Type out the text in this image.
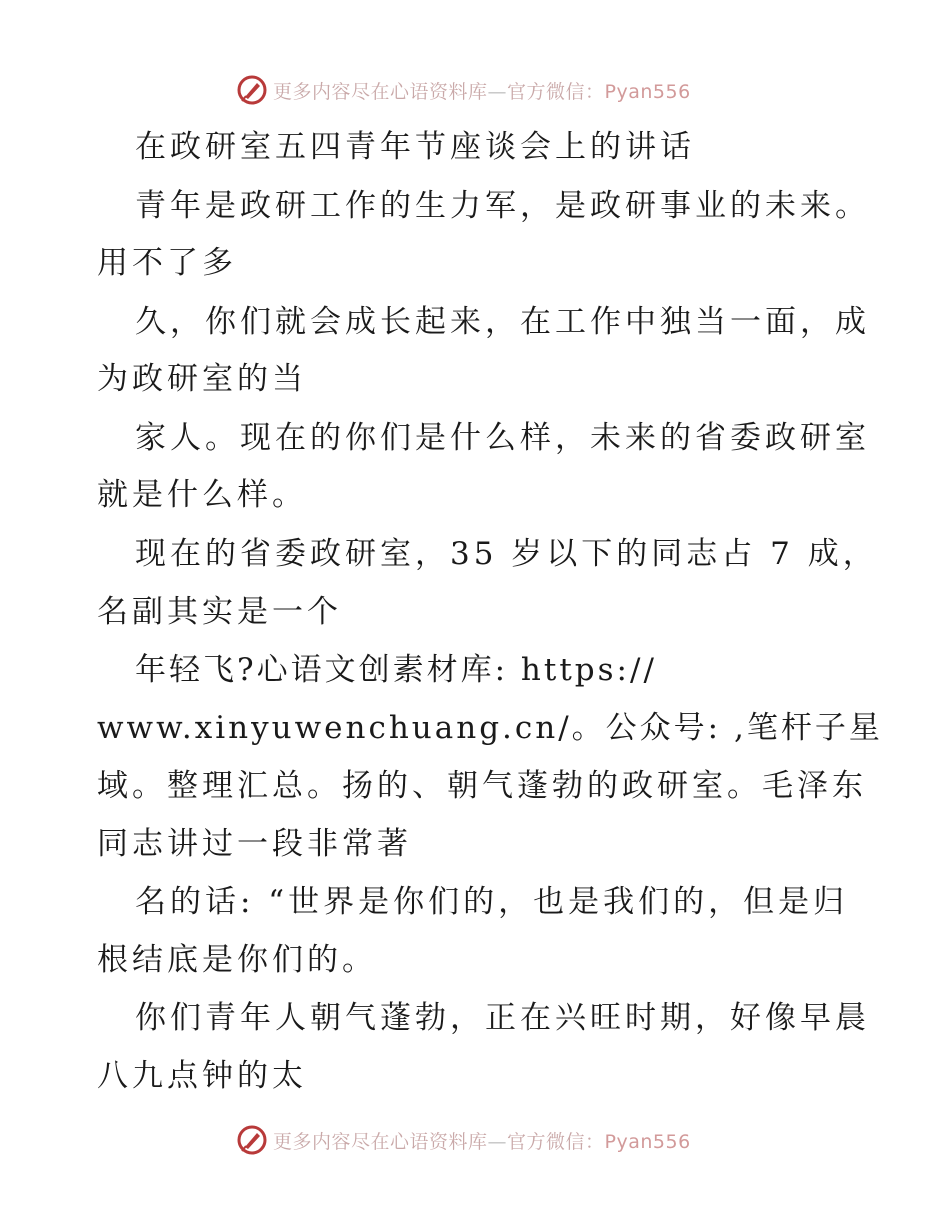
更多内容尽在心语资料库—官方微信：Pyan556
在政研室五四青年节座谈会上的讲话
青年是政研工作的生力军，是政研事业的未来。
用不了多
久，你们就会成长起来，在工作中独当一面，成
为政研室的当
家人。现在的你们是什么样，未来的省委政研室
就是什么样。
现在的省委政研室，35 岁以下的同志占 7 成，
名副其实是一个
年轻飞?心语文创素材库: https://
www.xinyuwenchuang.cn/。公众号: ,笔杆子星
域。整理汇总。扬的、朝气蓬勃的政研室。毛泽东
同志讲过一段非常著
名的话: “世界是你们的，也是我们的，但是归
根结底是你们的。
你们青年人朝气蓬勃，正在兴旺时期，好像早晨
八九点钟的太
更多内容尽在心语资料库—官方微信：Pyan556
